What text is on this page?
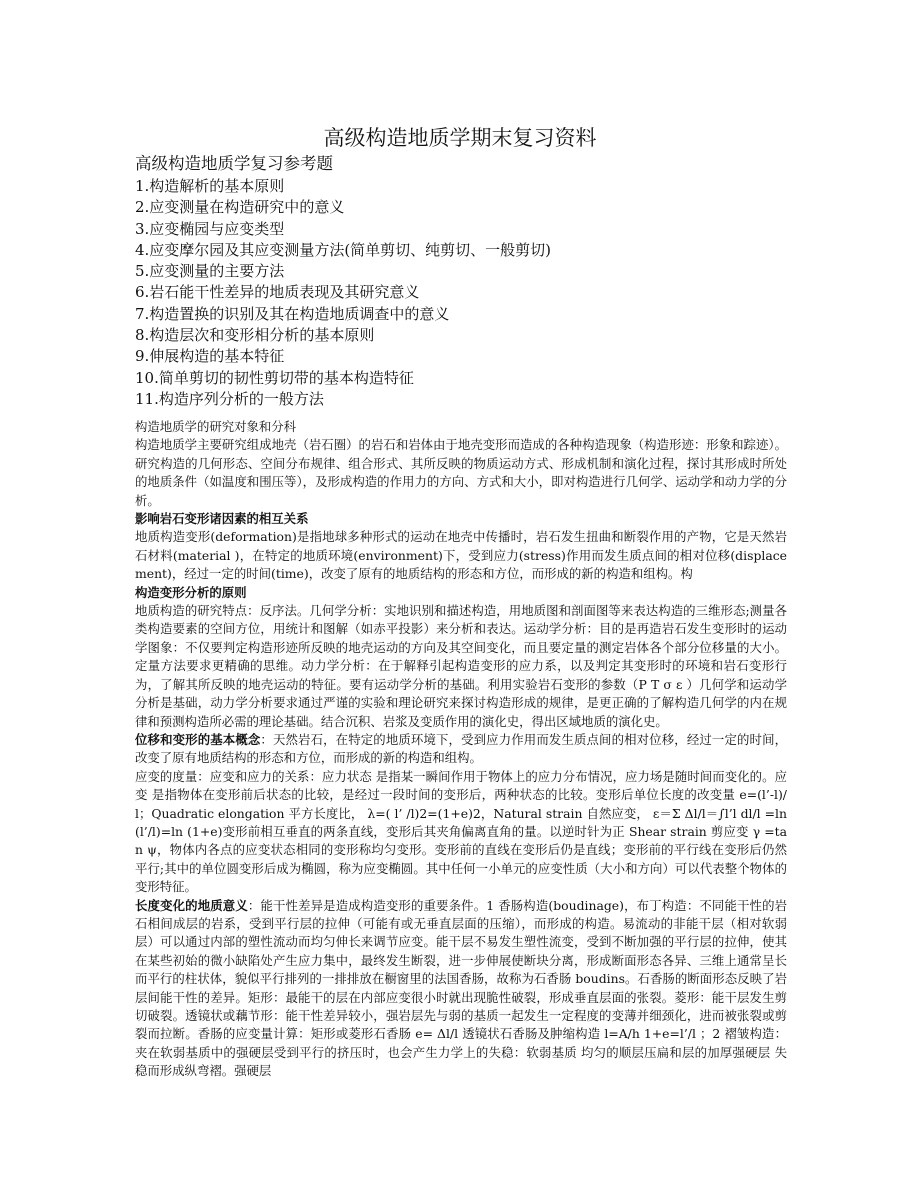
高级构造地质学期末复习资料
高级构造地质学复习参考题
1.构造解析的基本原则
2.应变测量在构造研究中的意义
3.应变椭园与应变类型
4.应变摩尔园及其应变测量方法(简单剪切、纯剪切、一般剪切)
5.应变测量的主要方法
6.岩石能干性差异的地质表现及其研究意义
7.构造置换的识别及其在构造地质调查中的意义
8.构造层次和变形相分析的基本原则
9.伸展构造的基本特征
10.简单剪切的韧性剪切带的基本构造特征
11.构造序列分析的一般方法

构造地质学的研究对象和分科

构造地质学主要研究组成地壳（岩石圈）的岩石和岩体由于地壳变形而造成的各种构造现象（构造形迹：形象和踪迹）。研究构造的几何形态、空间分布规律、组合形式、其所反映的物质运动方式、形成机制和演化过程，探讨其形成时所处的地质条件（如温度和围压等），及形成构造的作用力的方向、方式和大小，即对构造进行几何学、运动学和动力学的分析。

影响岩石变形诸因素的相互关系

地质构造变形(deformation)是指地球多种形式的运动在地壳中传播时，岩石发生扭曲和断裂作用的产物，它是天然岩石材料(material )，在特定的地质环境(environment)下，受到应力(stress)作用而发生质点间的相对位移(displacement)，经过一定的时间(time)，改变了原有的地质结构的形态和方位，而形成的新的构造和组构。构

构造变形分析的原则

地质构造的研究特点：反序法。几何学分析：实地识别和描述构造，用地质图和剖面图等来表达构造的三维形态;测量各类构造要素的空间方位，用统计和图解（如赤平投影）来分析和表达。运动学分析：目的是再造岩石发生变形时的运动学图象：不仅要判定构造形迹所反映的地壳运动的方向及其空间变化，而且要定量的测定岩体各个部分位移量的大小。定量方法要求更精确的思维。动力学分析：在于解释引起构造变形的应力系，以及判定其变形时的环境和岩石变形行为，了解其所反映的地壳运动的特征。要有运动学分析的基础。利用实验岩石变形的参数（P T σ ε ）几何学和运动学分析是基础，动力学分析要求通过严谨的实验和理论研究来探讨构造形成的规律，是更正确的了解构造几何学的内在规律和预测构造所必需的理论基础。结合沉积、岩浆及变质作用的演化史，得出区域地质的演化史。

位移和变形的基本概念：天然岩石，在特定的地质环境下，受到应力作用而发生质点间的相对位移，经过一定的时间，改变了原有地质结构的形态和方位，而形成的新的构造和组构。

应变的度量：应变和应力的关系：应力状态 是指某一瞬间作用于物体上的应力分布情况，应力场是随时间而变化的。应变 是指物体在变形前后状态的比较，是经过一段时间的变形后，两种状态的比较。变形后单位长度的改变量 e=(l’-l)/l；Quadratic elongation 平方长度比， λ=( l’ /l)2=(1+e)2，Natural strain 自然应变， ε＝Σ Δl/l＝∫l’l dl/l =ln(l’/l)=ln (1+e)变形前相互垂直的两条直线，变形后其夹角偏离直角的量。以逆时针为正 Shear strain 剪应变 γ =tan ψ，物体内各点的应变状态相同的变形称均匀变形。变形前的直线在变形后仍是直线；变形前的平行线在变形后仍然平行;其中的单位圆变形后成为椭圆，称为应变椭圆。其中任何一小单元的应变性质（大小和方向）可以代表整个物体的变形特征。

长度变化的地质意义：能干性差异是造成构造变形的重要条件。1 香肠构造(boudinage)，布丁构造：不同能干性的岩石相间成层的岩系，受到平行层的拉伸（可能有或无垂直层面的压缩），而形成的构造。易流动的非能干层（相对软弱层）可以通过内部的塑性流动而均匀伸长来调节应变。能干层不易发生塑性流变，受到不断加强的平行层的拉伸，使其在某些初始的微小缺陷处产生应力集中，最终发生断裂，进一步伸展使断块分离，形成断面形态各异、三维上通常呈长而平行的柱状体，貌似平行排列的一排排放在橱窗里的法国香肠，故称为石香肠 boudins。石香肠的断面形态反映了岩层间能干性的差异。矩形：最能干的层在内部应变很小时就出现脆性破裂，形成垂直层面的张裂。菱形：能干层发生剪切破裂。透镜状或藕节形：能干性差异较小，强岩层先与弱的基质一起发生一定程度的变薄并细颈化，进而被张裂或剪裂而拉断。香肠的应变量计算：矩形或菱形石香肠 e= Δl/l 透镜状石香肠及肿缩构造 l=A/h 1+e=l’/l ；2 褶皱构造：夹在软弱基质中的强硬层受到平行的挤压时，也会产生力学上的失稳：软弱基质 均匀的顺层压扁和层的加厚强硬层 失稳而形成纵弯褶。强硬层
